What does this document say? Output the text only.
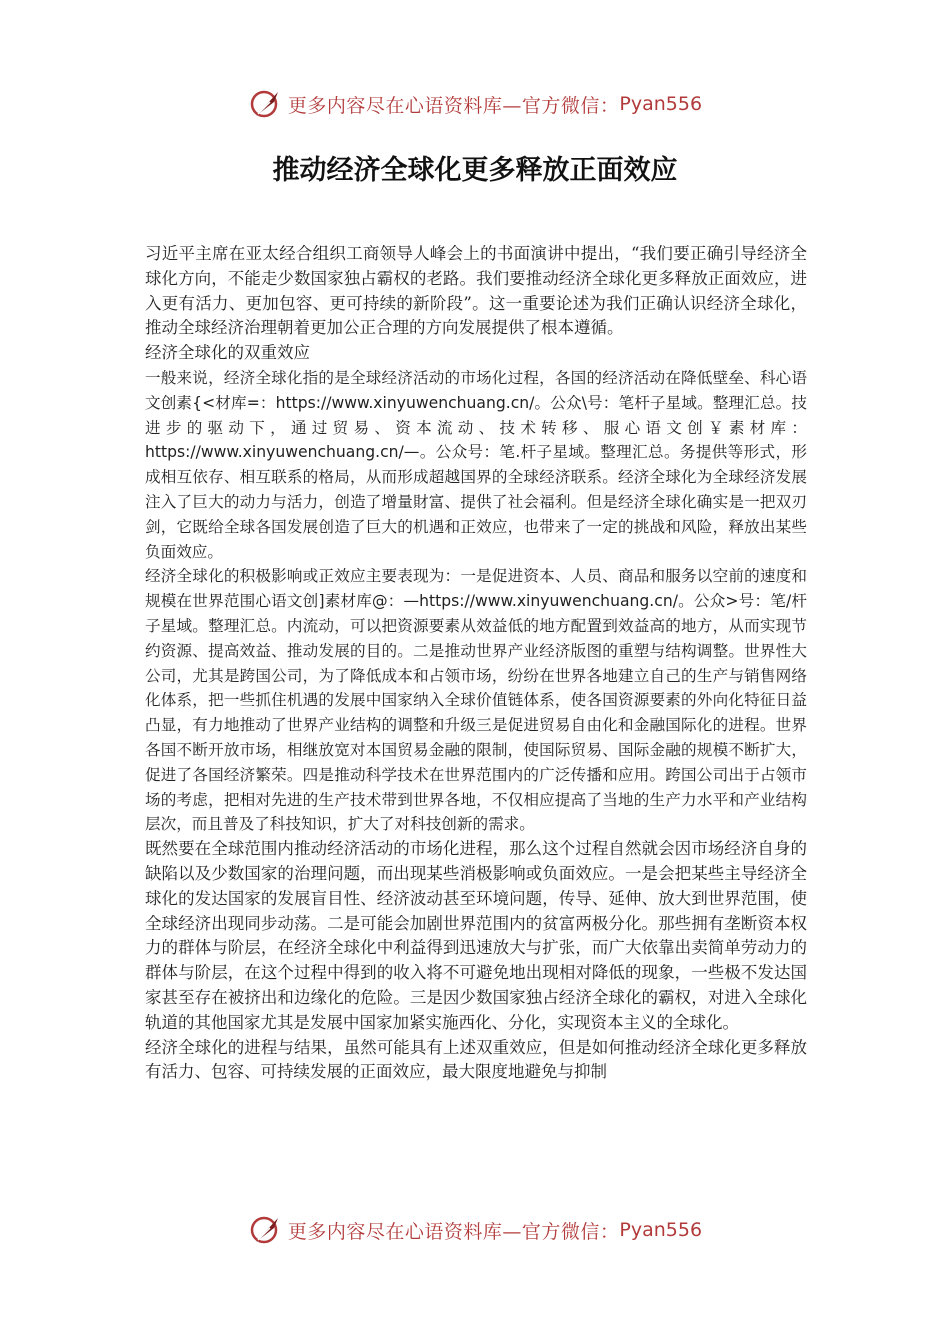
更多内容尽在心语资料库—官方微信： Pyan556
推动经济全球化更多释放正面效应

习近平主席在亚太经合组织工商领导人峰会上的书面演讲中提出，“我们要正确引导经济全球化方向，不能走少数国家独占霸权的老路。我们要推动经济全球化更多释放正面效应，进入更有活力、更加包容、更可持续的新阶段”。这一重要论述为我们正确认识经济全球化，推动全球经济治理朝着更加公正合理的方向发展提供了根本遵循。

经济全球化的双重效应

一般来说，经济全球化指的是全球经济活动的市场化过程，各国的经济活动在降低壁垒、科心语文创素{<材库=：https://www.xinyuwenchuang.cn/。公众\号：笔杆子星域。整理汇总。技进步的驱动下，通过贸易、资本流动、技术转移、服心语文创￥素材库：https://www.xinyuwenchuang.cn/—。公众号：笔.杆子星域。整理汇总。务提供等形式，形成相互依存、相互联系的格局，从而形成超越国界的全球经济联系。经济全球化为全球经济发展注入了巨大的动力与活力，创造了增量財富、提供了社会福利。但是经济全球化确实是一把双刃剑，它既给全球各国发展创造了巨大的机遇和正效应，也带来了一定的挑战和风险，释放出某些负面效应。

经济全球化的积极影响或正效应主要表现为：一是促进资本、人员、商品和服务以空前的速度和规模在世界范围心语文创]素材库@：—https://www.xinyuwenchuang.cn/。公众>号：笔/杆子星域。整理汇总。内流动，可以把资源要素从效益低的地方配置到效益高的地方，从而实现节约资源、提高效益、推动发展的目的。二是推动世界产业经济版图的重塑与结构调整。世界性大公司，尤其是跨国公司，为了降低成本和占领市场，纷纷在世界各地建立自己的生产与销售网络化体系，把一些抓住机遇的发展中国家纳入全球价值链体系，使各国资源要素的外向化特征日益凸显，有力地推动了世界产业结构的调整和升级三是促进贸易自由化和金融国际化的进程。世界各国不断开放市场，相继放宽对本国贸易金融的限制，使国际贸易、国际金融的规模不断扩大，促进了各国经济繁荣。四是推动科学技术在世界范围内的广泛传播和应用。跨国公司出于占领市场的考虑，把相对先进的生产技术带到世界各地，不仅相应提高了当地的生产力水平和产业结构层次，而且普及了科技知识，扩大了对科技创新的需求。

既然要在全球范围内推动经济活动的市场化进程，那么这个过程自然就会因市场经济自身的缺陷以及少数国家的治理问题，而出现某些消极影响或负面效应。一是会把某些主导经济全球化的发达国家的发展盲目性、经济波动甚至环境问题，传导、延伸、放大到世界范围，使全球经济出现同步动荡。二是可能会加剧世界范围内的贫富两极分化。那些拥有垄断资本权力的群体与阶层，在经济全球化中利益得到迅速放大与扩张，而广大依靠出卖简单劳动力的群体与阶层，在这个过程中得到的收入将不可避免地出现相对降低的现象，一些极不发达国家甚至存在被挤出和边缘化的危险。三是因少数国家独占经济全球化的霸权，对进入全球化轨道的其他国家尤其是发展中国家加紧实施西化、分化，实现资本主义的全球化。

经济全球化的进程与结果，虽然可能具有上述双重效应，但是如何推动经济全球化更多释放有活力、包容、可持续发展的正面效应，最大限度地避免与抑制

更多内容尽在心语资料库—官方微信： Pyan556
